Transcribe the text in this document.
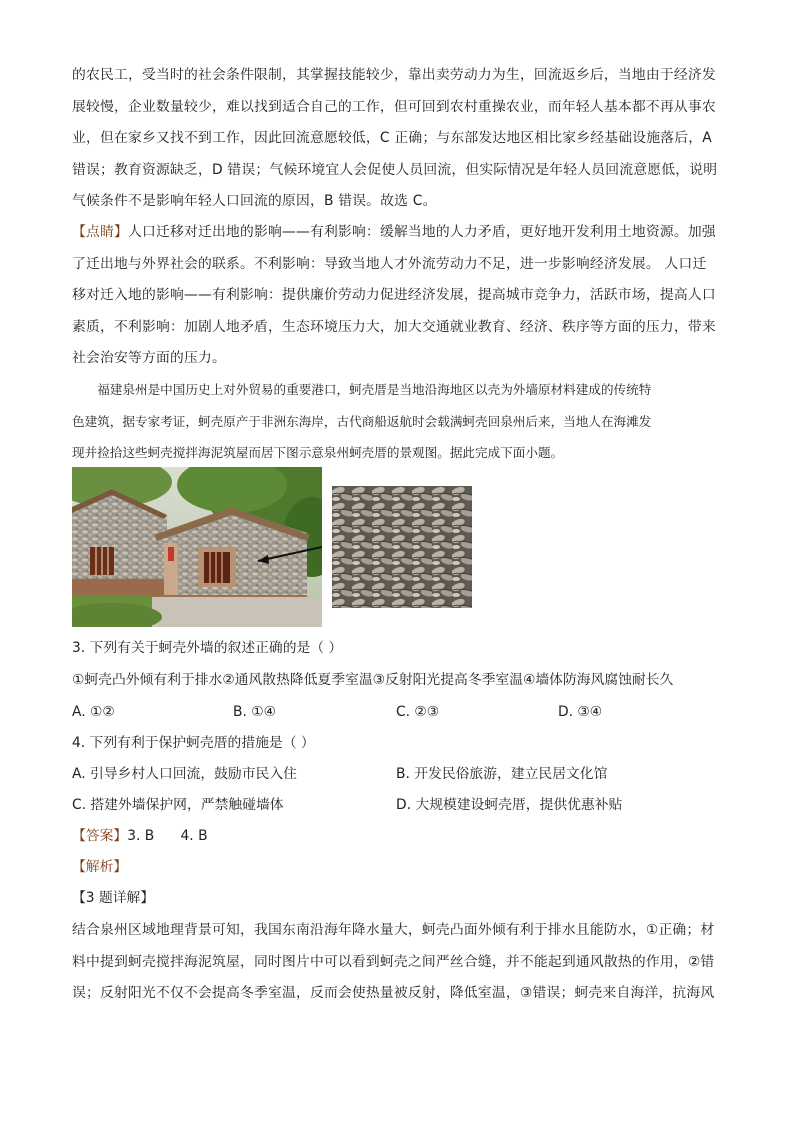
的农民工，受当时的社会条件限制，其掌握技能较少，靠出卖劳动力为生，回流返乡后，当地由于经济发

展较慢，企业数量较少，难以找到适合自己的工作，但可回到农村重操农业，而年轻人基本都不再从事农

业，但在家乡又找不到工作，因此回流意愿较低，C 正确；与东部发达地区相比家乡经基础设施落后，A

错误；教育资源缺乏，D 错误；气候环境宜人会促使人员回流，但实际情况是年轻人员回流意愿低，说明

气候条件不是影响年轻人口回流的原因，B 错误。故选 C。

【点睛】人口迁移对迁出地的影响——有利影响：缓解当地的人力矛盾，更好地开发利用土地资源。加强

了迁出地与外界社会的联系。不利影响：导致当地人才外流劳动力不足，进一步影响经济发展。 人口迁

移对迁入地的影响——有利影响：提供廉价劳动力促进经济发展，提高城市竞争力，活跃市场，提高人口

素质，不利影响：加剧人地矛盾，生态环境压力大，加大交通就业教育、经济、秩序等方面的压力，带来

社会治安等方面的压力。

福建泉州是中国历史上对外贸易的重要港口，蚵壳厝是当地沿海地区以壳为外墙原材料建成的传统特

色建筑，据专家考证，蚵壳原产于非洲东海岸，古代商船返航时会载满蚵壳回泉州后来，当地人在海滩发

现并捡拾这些蚵壳搅拌海泥筑屋而居下图示意泉州蚵壳厝的景观图。据此完成下面小题。

3. 下列有关于蚵壳外墙的叙述正确的是（ ）
①蚵壳凸外倾有利于排水②通风散热降低夏季室温③反射阳光提高冬季室温④墙体防海风腐蚀耐长久
A. ①②	B. ①④	C. ②③	D. ③④
4. 下列有利于保护蚵壳厝的措施是（ ）
A. 引导乡村人口回流，鼓励市民入住	B. 开发民俗旅游，建立民居文化馆
C. 搭建外墙保护网，严禁触碰墙体	D. 大规模建设蚵壳厝，提供优惠补贴
【答案】3. B      4. B
【解析】
【3 题详解】

结合泉州区域地理背景可知，我国东南沿海年降水量大，蚵壳凸面外倾有利于排水且能防水，①正确；材

料中提到蚵壳搅拌海泥筑屋，同时图片中可以看到蚵壳之间严丝合缝，并不能起到通风散热的作用，②错

误；反射阳光不仅不会提高冬季室温，反而会使热量被反射，降低室温，③错误；蚵壳来自海洋，抗海风
